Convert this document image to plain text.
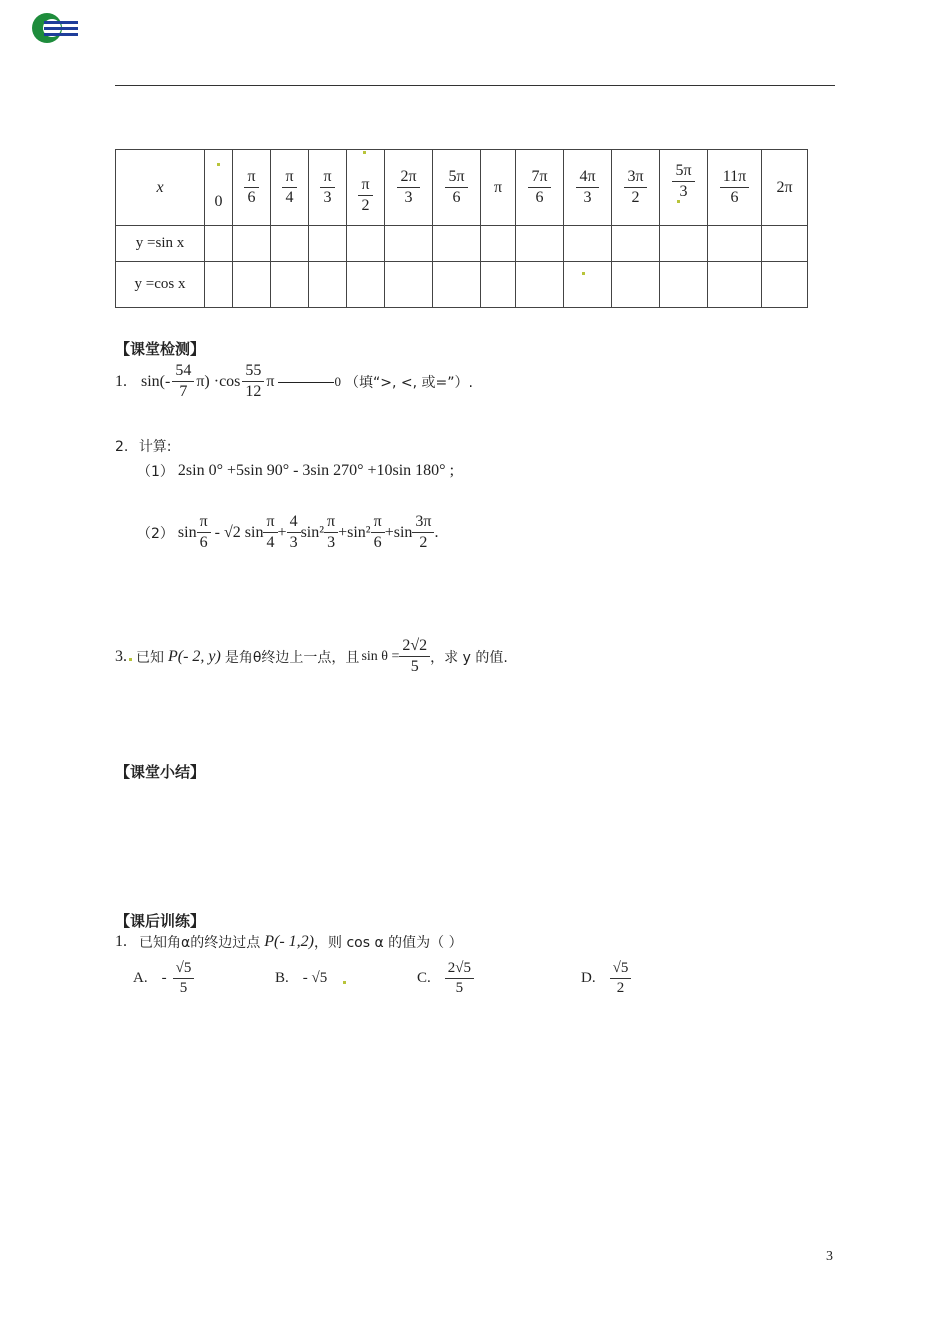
x	0	$\frac{\pi}{6}$	$\frac{\pi}{4}$	$\frac{\pi}{3}$	$\frac{\pi}{2}$	$\frac{2\pi}{3}$	$\frac{5\pi}{6}$	π	$\frac{7\pi}{6}$	$\frac{4\pi}{3}$	$\frac{3\pi}{2}$	$\frac{5\pi}{3}$	$\frac{11\pi}{6}$	2π
y =sin x														
y =cos x														
【课堂检测】
1. $\sin(- \frac{54}{7} \pi) \cdot\cos \frac{55}{12}$ π	0 （填“>, <, 或=”）.
2. 计算:
（1） 2sin 0° +5sin 90° - 3sin 270° +10sin 180° ;
（2） $\sin \frac{\pi}{6} - √2$ $\sin \frac{\pi}{4} + \frac{4}{3} \sin^2 \frac{\pi}{3} +\sin^2 \frac{\pi}{6} +\sin \frac{3\pi}{2}$ .
3. 已知 P(- 2, y) 是角θ终边上一点，且 $\sin \theta = \frac{2√2}{5}$ ，求 y 的值.
【课堂小结】
【课后训练】
1. 已知角α的终边过点 P(- 1,2) ，则 cos α 的值为（ ）
A. - $\frac{√5}{5}$	B. - √5	C. $\frac{2√5}{5}$	D. $\frac{√5}{2}$
3
